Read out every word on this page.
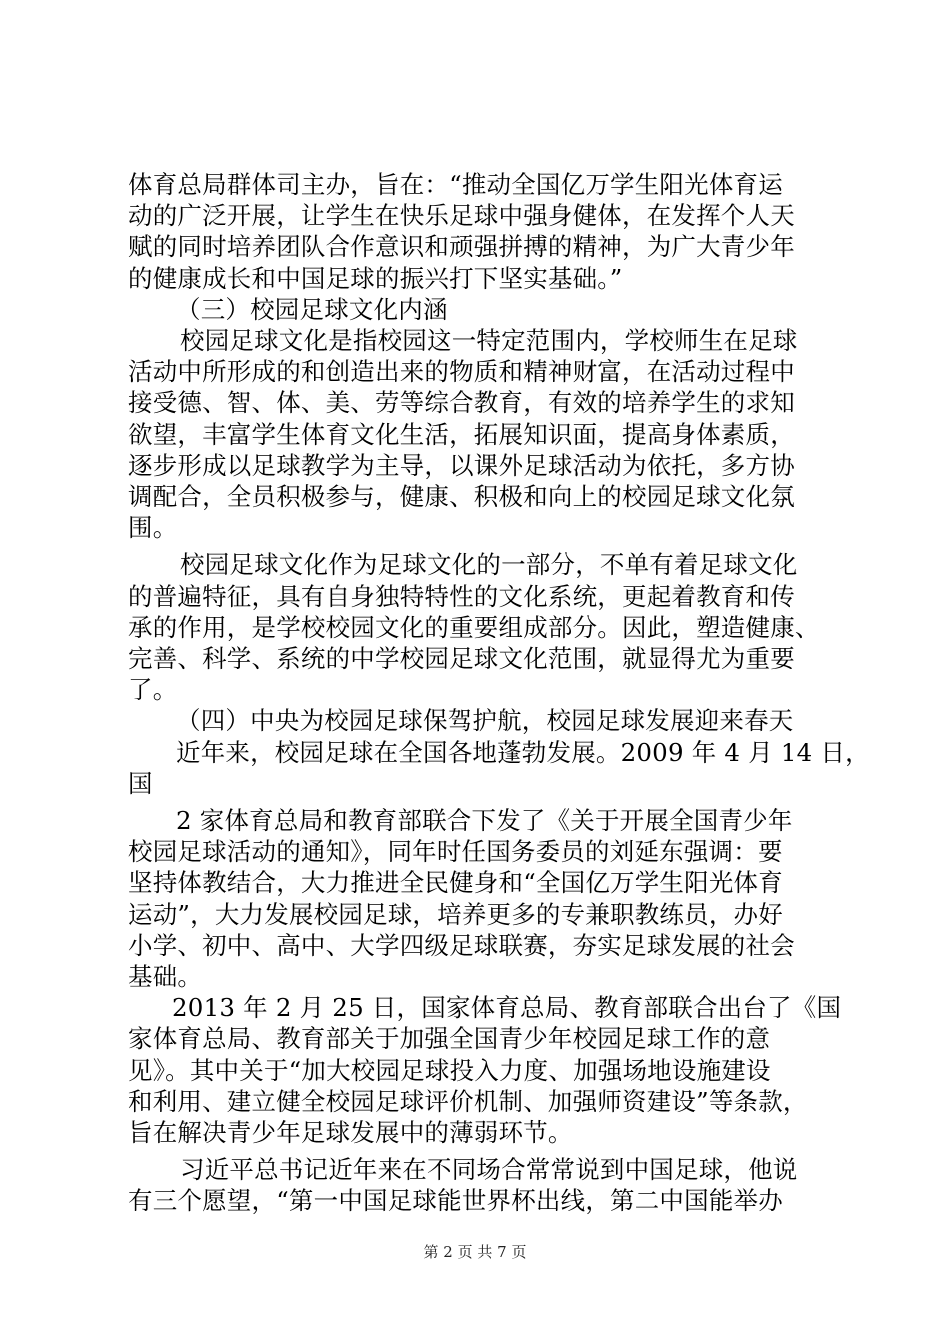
体育总局群体司主办，旨在：“推动全国亿万学生阳光体育运
动的广泛开展，让学生在快乐足球中强身健体，在发挥个人天
赋的同时培养团队合作意识和顽强拼搏的精神，为广大青少年
的健康成长和中国足球的振兴打下坚实基础。”
（三）校园足球文化内涵
校园足球文化是指校园这一特定范围内，学校师生在足球
活动中所形成的和创造出来的物质和精神财富，在活动过程中
接受德、智、体、美、劳等综合教育，有效的培养学生的求知
欲望，丰富学生体育文化生活，拓展知识面，提高身体素质，
逐步形成以足球教学为主导，以课外足球活动为依托，多方协
调配合，全员积极参与，健康、积极和向上的校园足球文化氛
围。
校园足球文化作为足球文化的一部分，不单有着足球文化
的普遍特征，具有自身独特特性的文化系统，更起着教育和传
承的作用，是学校校园文化的重要组成部分。因此，塑造健康、
完善、科学、系统的中学校园足球文化范围，就显得尤为重要
了。
（四）中央为校园足球保驾护航，校园足球发展迎来春天
近年来，校园足球在全国各地蓬勃发展。2009 年 4 月 14 日，
国
2 家体育总局和教育部联合下发了《关于开展全国青少年
校园足球活动的通知》，同年时任国务委员的刘延东强调：要
坚持体教结合，大力推进全民健身和“全国亿万学生阳光体育
运动”，大力发展校园足球，培养更多的专兼职教练员，办好
小学、初中、高中、大学四级足球联赛，夯实足球发展的社会
基础。
2013 年 2 月 25 日，国家体育总局、教育部联合出台了《国
家体育总局、教育部关于加强全国青少年校园足球工作的意
见》。其中关于“加大校园足球投入力度、加强场地设施建设
和利用、建立健全校园足球评价机制、加强师资建设”等条款，
旨在解决青少年足球发展中的薄弱环节。
习近平总书记近年来在不同场合常常说到中国足球，他说
有三个愿望，“第一中国足球能世界杯出线，第二中国能举办
第 2 页 共 7 页
